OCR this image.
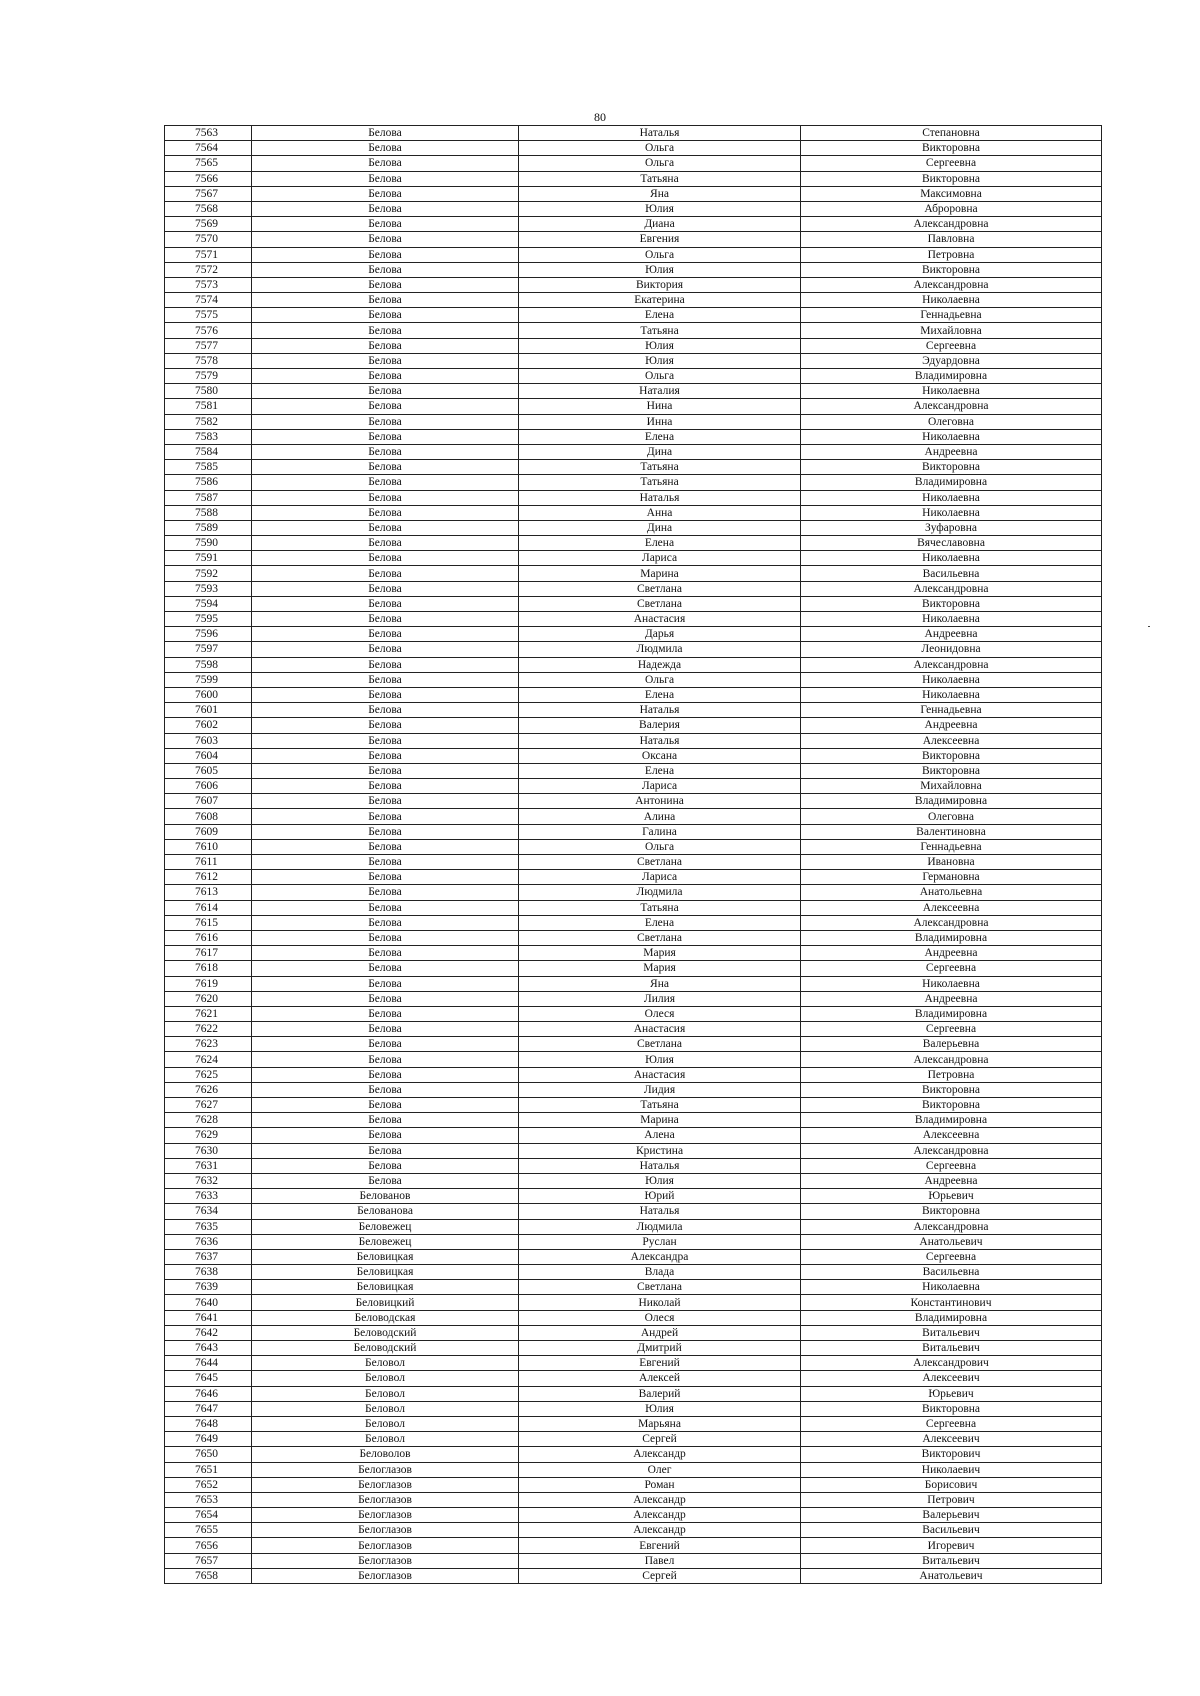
80
7563	Белова	Наталья	Степановна
7564	Белова	Ольга	Викторовна
7565	Белова	Ольга	Сергеевна
7566	Белова	Татьяна	Викторовна
7567	Белова	Яна	Максимовна
7568	Белова	Юлия	Аброровна
7569	Белова	Диана	Александровна
7570	Белова	Евгения	Павловна
7571	Белова	Ольга	Петровна
7572	Белова	Юлия	Викторовна
7573	Белова	Виктория	Александровна
7574	Белова	Екатерина	Николаевна
7575	Белова	Елена	Геннадьевна
7576	Белова	Татьяна	Михайловна
7577	Белова	Юлия	Сергеевна
7578	Белова	Юлия	Эдуардовна
7579	Белова	Ольга	Владимировна
7580	Белова	Наталия	Николаевна
7581	Белова	Нина	Александровна
7582	Белова	Инна	Олеговна
7583	Белова	Елена	Николаевна
7584	Белова	Дина	Андреевна
7585	Белова	Татьяна	Викторовна
7586	Белова	Татьяна	Владимировна
7587	Белова	Наталья	Николаевна
7588	Белова	Анна	Николаевна
7589	Белова	Дина	Зуфаровна
7590	Белова	Елена	Вячеславовна
7591	Белова	Лариса	Николаевна
7592	Белова	Марина	Васильевна
7593	Белова	Светлана	Александровна
7594	Белова	Светлана	Викторовна
7595	Белова	Анастасия	Николаевна
7596	Белова	Дарья	Андреевна
7597	Белова	Людмила	Леонидовна
7598	Белова	Надежда	Александровна
7599	Белова	Ольга	Николаевна
7600	Белова	Елена	Николаевна
7601	Белова	Наталья	Геннадьевна
7602	Белова	Валерия	Андреевна
7603	Белова	Наталья	Алексеевна
7604	Белова	Оксана	Викторовна
7605	Белова	Елена	Викторовна
7606	Белова	Лариса	Михайловна
7607	Белова	Антонина	Владимировна
7608	Белова	Алина	Олеговна
7609	Белова	Галина	Валентиновна
7610	Белова	Ольга	Геннадьевна
7611	Белова	Светлана	Ивановна
7612	Белова	Лариса	Германовна
7613	Белова	Людмила	Анатольевна
7614	Белова	Татьяна	Алексеевна
7615	Белова	Елена	Александровна
7616	Белова	Светлана	Владимировна
7617	Белова	Мария	Андреевна
7618	Белова	Мария	Сергеевна
7619	Белова	Яна	Николаевна
7620	Белова	Лилия	Андреевна
7621	Белова	Олеся	Владимировна
7622	Белова	Анастасия	Сергеевна
7623	Белова	Светлана	Валерьевна
7624	Белова	Юлия	Александровна
7625	Белова	Анастасия	Петровна
7626	Белова	Лидия	Викторовна
7627	Белова	Татьяна	Викторовна
7628	Белова	Марина	Владимировна
7629	Белова	Алена	Алексеевна
7630	Белова	Кристина	Александровна
7631	Белова	Наталья	Сергеевна
7632	Белова	Юлия	Андреевна
7633	Белованов	Юрий	Юрьевич
7634	Белованова	Наталья	Викторовна
7635	Беловежец	Людмила	Александровна
7636	Беловежец	Руслан	Анатольевич
7637	Беловицкая	Александра	Сергеевна
7638	Беловицкая	Влада	Васильевна
7639	Беловицкая	Светлана	Николаевна
7640	Беловицкий	Николай	Константинович
7641	Беловодская	Олеся	Владимировна
7642	Беловодский	Андрей	Витальевич
7643	Беловодский	Дмитрий	Витальевич
7644	Беловол	Евгений	Александрович
7645	Беловол	Алексей	Алексеевич
7646	Беловол	Валерий	Юрьевич
7647	Беловол	Юлия	Викторовна
7648	Беловол	Марьяна	Сергеевна
7649	Беловол	Сергей	Алексеевич
7650	Беловолов	Александр	Викторович
7651	Белоглазов	Олег	Николаевич
7652	Белоглазов	Роман	Борисович
7653	Белоглазов	Александр	Петрович
7654	Белоглазов	Александр	Валерьевич
7655	Белоглазов	Александр	Васильевич
7656	Белоглазов	Евгений	Игоревич
7657	Белоглазов	Павел	Витальевич
7658	Белоглазов	Сергей	Анатольевич
